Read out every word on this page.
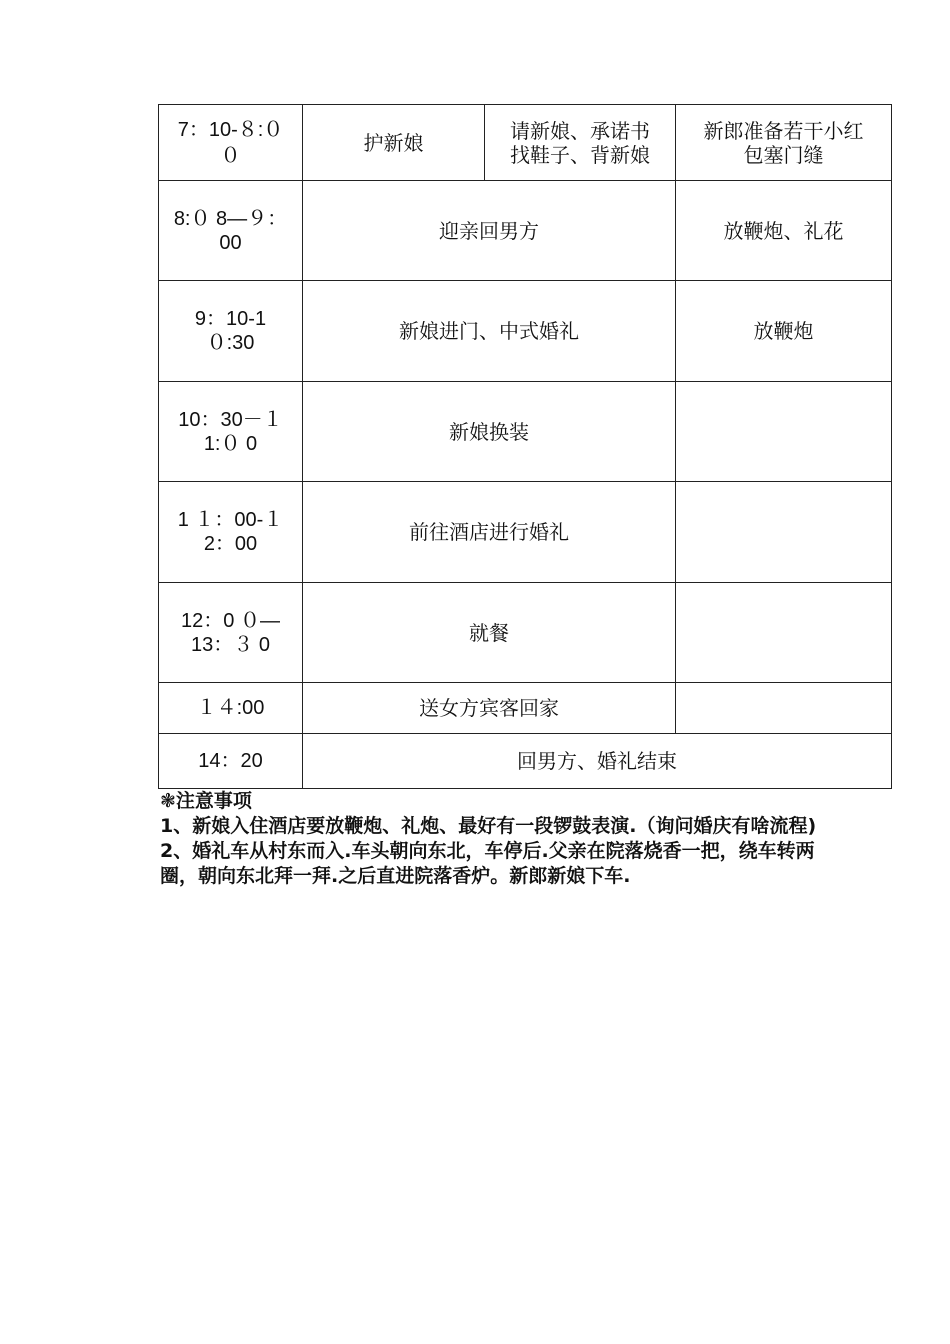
7：10-８:０
０	护新娘	请新娘、承诺书
找鞋子、背新娘	新郎准备若干小红
包塞门缝
8:０ 8—９：
00	迎亲回男方		放鞭炮、礼花
9：10-1
０:30	新娘进门、中式婚礼		放鞭炮
10：30－１
1:０ 0	新娘换装		
1 １：00-１
2：00	前往酒店进行婚礼		
12：0 ０—
13：３ 0	就餐		
１４:00	送女方宾客回家		
14：20	回男方、婚礼结束		

❃注意事项

1、新娘入住酒店要放鞭炮、礼炮、最好有一段锣鼓表演.（询问婚庆有啥流程)

2、婚礼车从村东而入.车头朝向东北，车停后.父亲在院落烧香一把，绕车转两圈，朝向东北拜一拜.之后直进院落香炉。新郎新娘下车.
